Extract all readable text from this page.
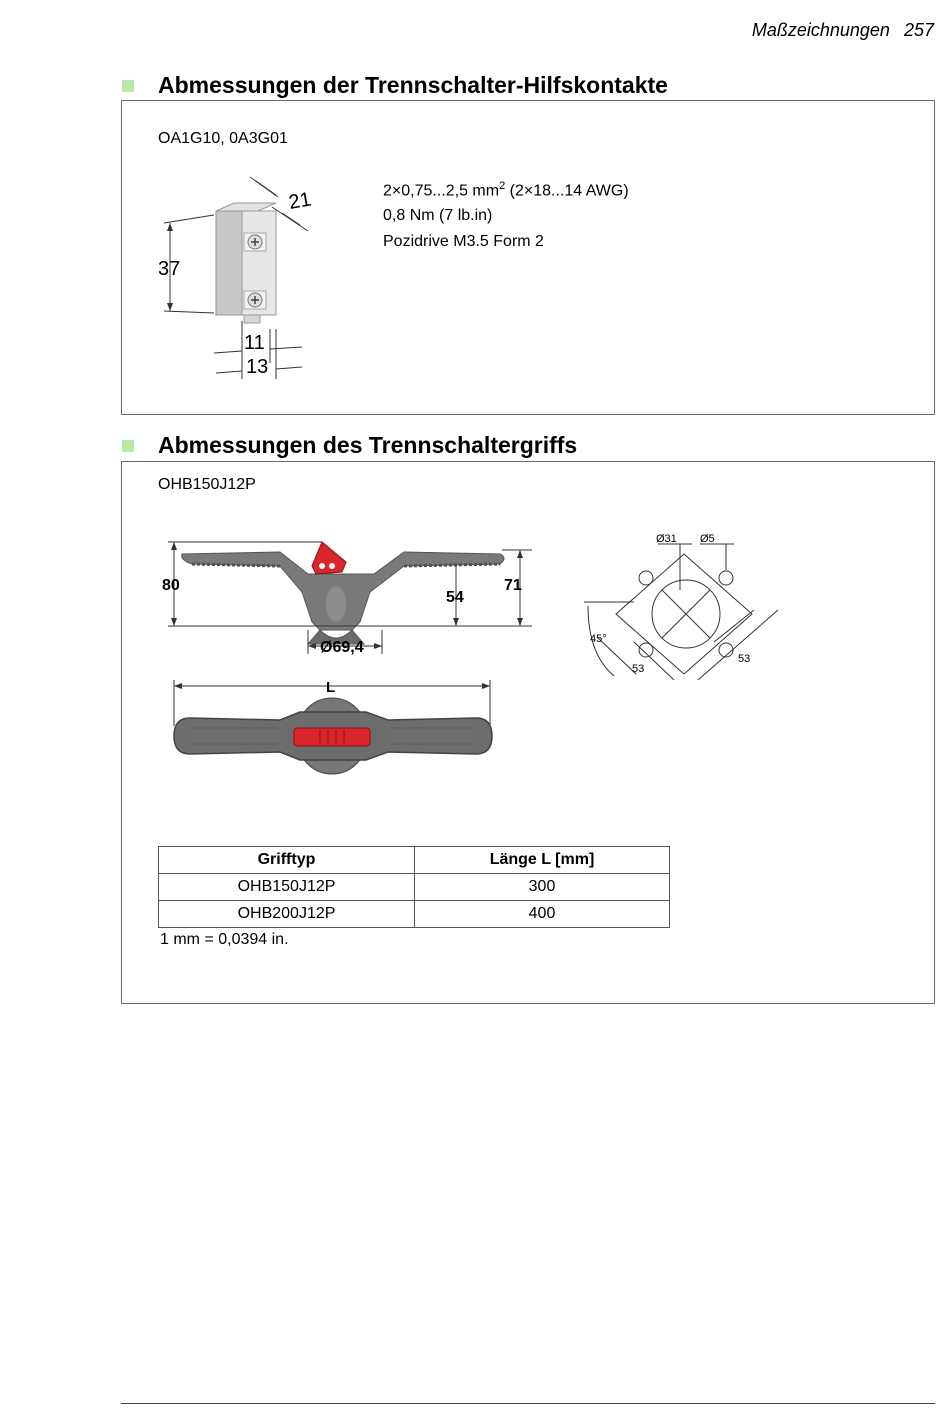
Maßzeichnungen 257
Abmessungen der Trennschalter-Hilfskontakte
OA1G10, 0A3G01
2×0,75...2,5 $mm^2$ (2×18...14 AWG)
0,8 Nm (7 lb.in)
Pozidrive M3.5 Form 2
21
37
11
13
Abmessungen des Trennschaltergriffs
OHB150J12P
80
54
71
Ø69,4
L
Ø31 Ø5
45°
53
53
Grifftyp	Länge L [mm]
OHB150J12P	300
OHB200J12P	400
1 mm = 0,0394 in.
